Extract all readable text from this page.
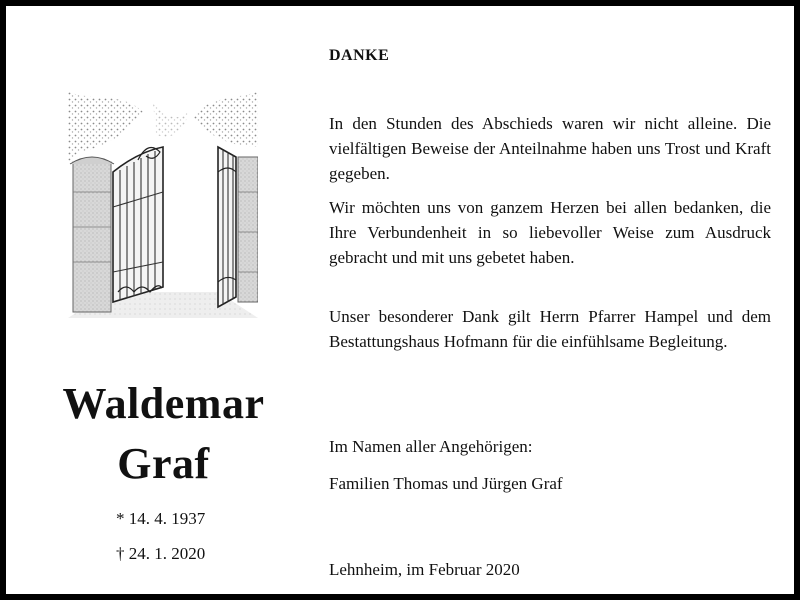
Waldemar
Graf
* 14. 4. 1937
† 24. 1. 2020
DANKE
In den Stunden des Abschieds waren wir nicht alleine. Die vielfältigen Beweise der Anteilnahme haben uns Trost und Kraft gegeben.
Wir möchten uns von ganzem Herzen bei allen bedanken, die Ihre Verbundenheit in so liebevoller Weise zum Ausdruck gebracht und mit uns gebetet haben.
Unser besonderer Dank gilt Herrn Pfarrer Hampel und dem Bestattungshaus Hofmann für die einfühlsame Begleitung.
Im Namen aller Angehörigen:
Familien Thomas und Jürgen Graf
Lehnheim, im Februar 2020
